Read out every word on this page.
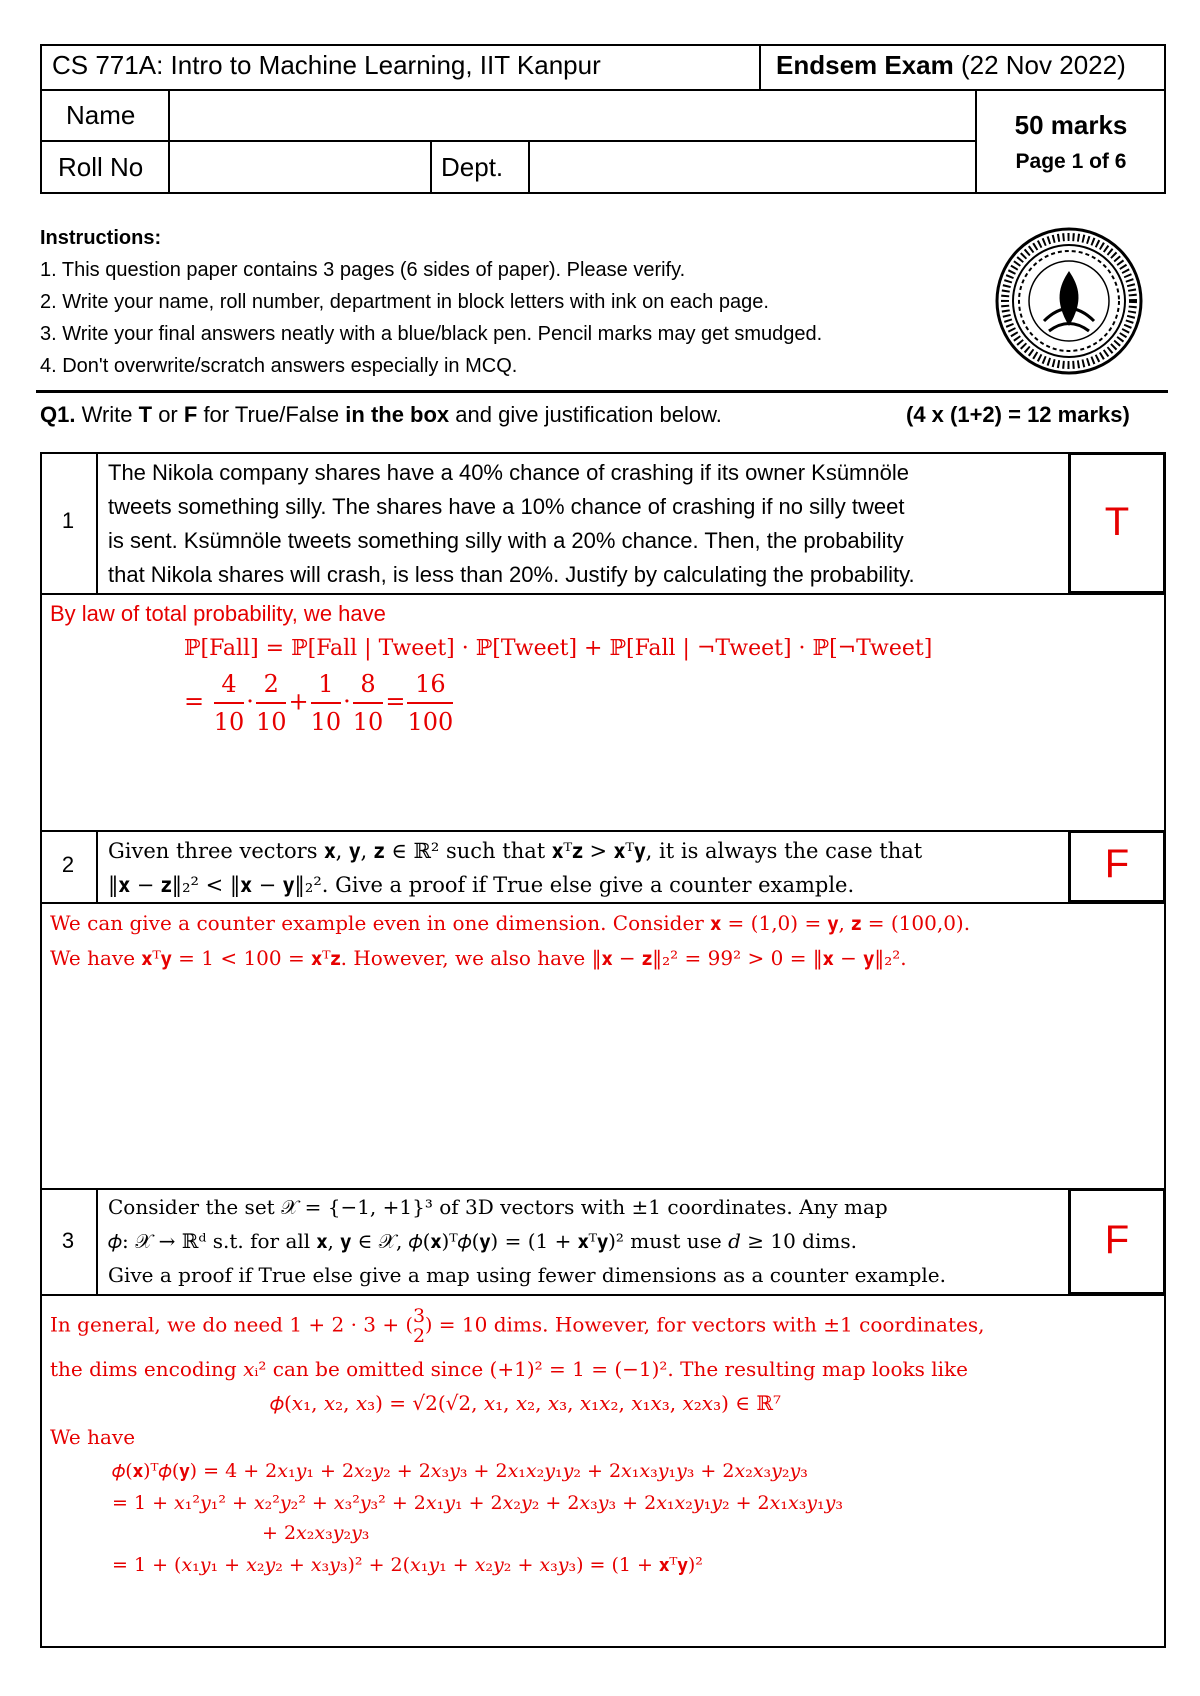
CS 771A: Intro to Machine Learning, IIT Kanpur	Endsem Exam (22 Nov 2022)
Name
Roll No	Dept.
50 marks
Page 1 of 6
Instructions:
1. This question paper contains 3 pages (6 sides of paper). Please verify.
2. Write your name, roll number, department in block letters with ink on each page.
3. Write your final answers neatly with a blue/black pen. Pencil marks may get smudged.
4. Don't overwrite/scratch answers especially in MCQ.
Q1. Write T or F for True/False in the box and give justification below.	(4 x (1+2) = 12 marks)
1
The Nikola company shares have a 40% chance of crashing if its owner Ksümnöle
tweets something silly. The shares have a 10% chance of crashing if no silly tweet
is sent. Ksümnöle tweets something silly with a 20% chance. Then, the probability
that Nikola shares will crash, is less than 20%. Justify by calculating the probability.
T
By law of total probability, we have
ℙ[Fall] = ℙ[Fall | Tweet] · ℙ[Tweet] + ℙ[Fall | ¬Tweet] · ℙ[¬Tweet]
= $\frac{4}{10} \cdot \frac{2}{10} + \frac{1}{10} \cdot \frac{8}{10} = \frac{16}{100}$
2
Given three vectors 𝐱, 𝐲, 𝐳 ∈ ℝ² such that 𝐱ᵀ𝐳 > 𝐱ᵀ𝐲, it is always the case that
‖𝐱 − 𝐳‖₂² < ‖𝐱 − 𝐲‖₂². Give a proof if True else give a counter example.	F
We can give a counter example even in one dimension. Consider 𝐱 = (1,0) = 𝐲, 𝐳 = (100,0).
We have 𝐱ᵀ𝐲 = 1 < 100 = 𝐱ᵀ𝐳. However, we also have ‖𝐱 − 𝐳‖₂² = 99² > 0 = ‖𝐱 − 𝐲‖₂².
3
Consider the set 𝒳 = {−1, +1}³ of 3D vectors with ±1 coordinates. Any map
𝜙: 𝒳 → ℝᵈ s.t. for all 𝐱, 𝐲 ∈ 𝒳, 𝜙(𝐱)ᵀ𝜙(𝐲) = (1 + 𝐱ᵀ𝐲)² must use 𝑑 ≥ 10 dims.
Give a proof if True else give a map using fewer dimensions as a counter example.
F
In general, we do need 1 + 2 · 3 + ( 3
2 ) = 10 dims. However, for vectors with ±1 coordinates,
the dims encoding 𝑥ᵢ² can be omitted since (+1)² = 1 = (−1)². The resulting map looks like
𝜙(𝑥₁, 𝑥₂, 𝑥₃) = √2(√2, 𝑥₁, 𝑥₂, 𝑥₃, 𝑥₁𝑥₂, 𝑥₁𝑥₃, 𝑥₂𝑥₃) ∈ ℝ⁷
We have
𝜙(𝐱)ᵀ𝜙(𝐲) = 4 + 2𝑥₁𝑦₁ + 2𝑥₂𝑦₂ + 2𝑥₃𝑦₃ + 2𝑥₁𝑥₂𝑦₁𝑦₂ + 2𝑥₁𝑥₃𝑦₁𝑦₃ + 2𝑥₂𝑥₃𝑦₂𝑦₃
= 1 + 𝑥₁²𝑦₁² + 𝑥₂²𝑦₂² + 𝑥₃²𝑦₃² + 2𝑥₁𝑦₁ + 2𝑥₂𝑦₂ + 2𝑥₃𝑦₃ + 2𝑥₁𝑥₂𝑦₁𝑦₂ + 2𝑥₁𝑥₃𝑦₁𝑦₃
+ 2𝑥₂𝑥₃𝑦₂𝑦₃
= 1 + (𝑥₁𝑦₁ + 𝑥₂𝑦₂ + 𝑥₃𝑦₃)² + 2(𝑥₁𝑦₁ + 𝑥₂𝑦₂ + 𝑥₃𝑦₃) = (1 + 𝐱ᵀ𝐲)²
